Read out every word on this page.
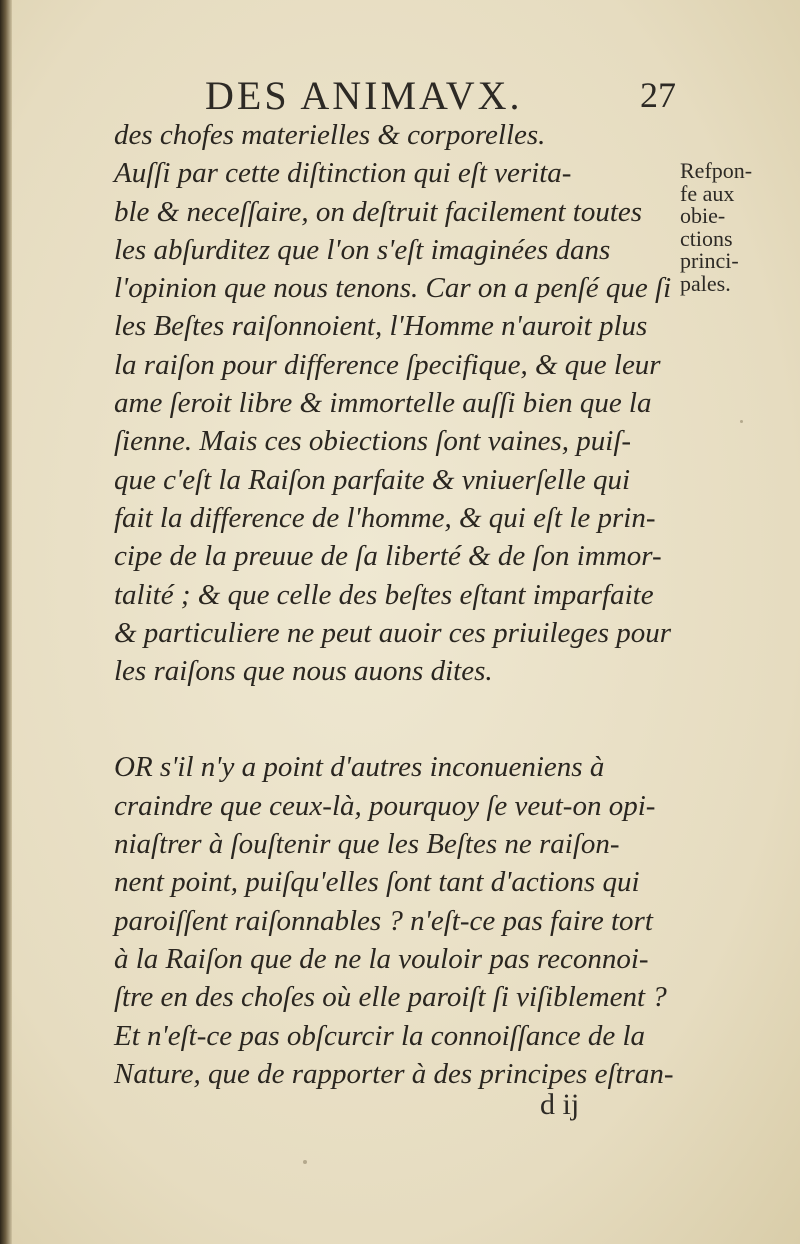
DES ANIMAVX.	27
des chofes materielles & corporelles.
Auſſi par cette diſtinction qui eſt verita-
ble & neceſſaire, on deſtruit facilement toutes
les abſurditez que l'on s'eſt imaginées dans
l'opinion que nous tenons. Car on a penſé que ſi
les Beſtes raiſonnoient, l'Homme n'auroit plus
la raiſon pour difference ſpecifique, & que leur
ame ſeroit libre & immortelle auſſi bien que la
ſienne. Mais ces obiections ſont vaines, puiſ-
que c'eſt la Raiſon parfaite & vniuerſelle qui
fait la difference de l'homme, & qui eſt le prin-
cipe de la preuue de ſa liberté & de ſon immor-
talité ; & que celle des beſtes eſtant imparfaite
& particuliere ne peut auoir ces priuileges pour
les raiſons que nous auons dites.
OR s'il n'y a point d'autres inconueniens à
craindre que ceux-là, pourquoy ſe veut-on opi-
niaſtrer à ſouſtenir que les Beſtes ne raiſon-
nent point, puiſqu'elles ſont tant d'actions qui
paroiſſent raiſonnables ? n'eſt-ce pas faire tort
à la Raiſon que de ne la vouloir pas reconnoi-
ſtre en des choſes où elle paroiſt ſi viſiblement ?
Et n'eſt-ce pas obſcurcir la connoiſſance de la
Nature, que de rapporter à des principes eſtran-
Refpon-
fe aux
obie-
ctions
princi-
pales.
d ij
